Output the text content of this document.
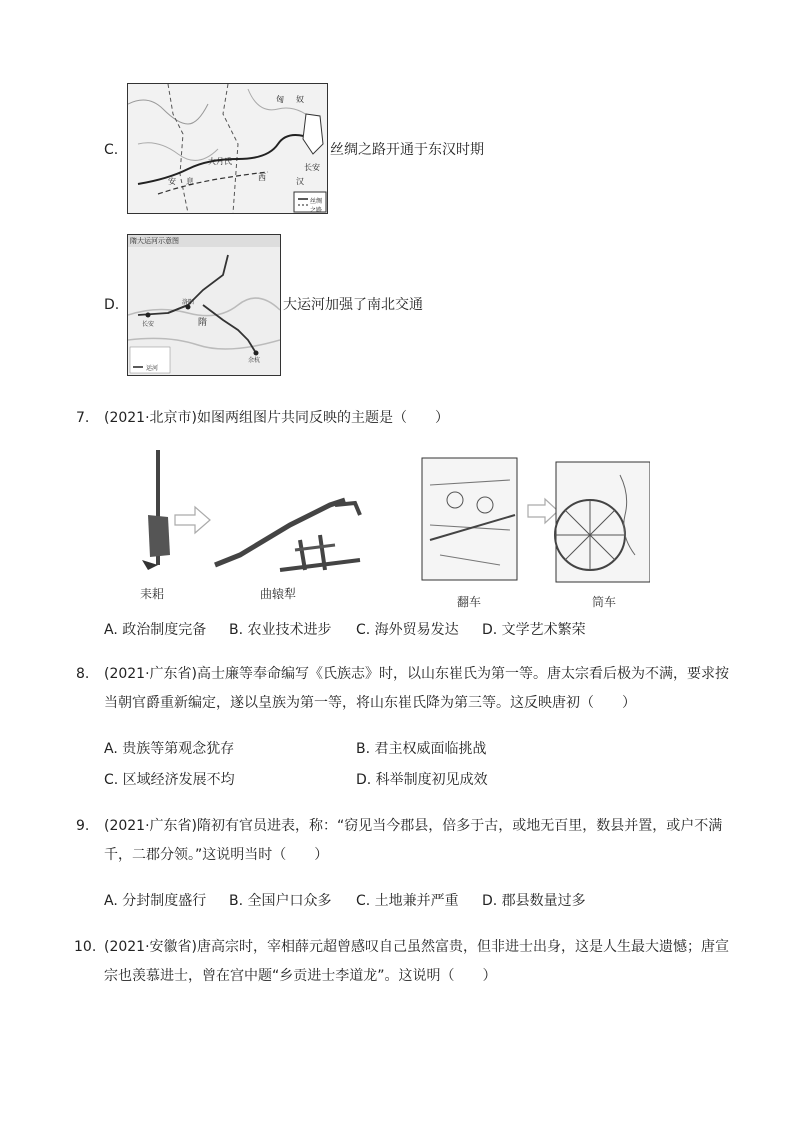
C.
匈 奴
安 息	西	汉
长安
大月氏
丝绸之路
丝绸之路开通于东汉时期
D.
隋大运河示意图
长安
洛阳
余杭
隋
运河
大运河加强了南北交通
7. (2021·北京市)如图两组图片共同反映的主题是（　　）
耒耜	曲辕犁
翻车	筒车
A. 政治制度完备 B. 农业技术进步 C. 海外贸易发达 D. 文学艺术繁荣
8. (2021·广东省)高士廉等奉命编写《氏族志》时，以山东崔氏为第一等。唐太宗看后极为不满，要求按
当朝官爵重新编定，遂以皇族为第一等，将山东崔氏降为第三等。这反映唐初（　　）
A. 贵族等第观念犹存	B. 君主权威面临挑战
C. 区域经济发展不均	D. 科举制度初见成效
9. (2021·广东省)隋初有官员进表，称：“窃见当今郡县，倍多于古，或地无百里，数县并置，或户不满
千，二郡分领。”这说明当时（　　）
A. 分封制度盛行 B. 全国户口众多 C. 土地兼并严重 D. 郡县数量过多
10. (2021·安徽省)唐高宗时，宰相薛元超曾感叹自己虽然富贵，但非进士出身，这是人生最大遗憾；唐宣
宗也羡慕进士，曾在宫中题“乡贡进士李道龙”。这说明（　　）
